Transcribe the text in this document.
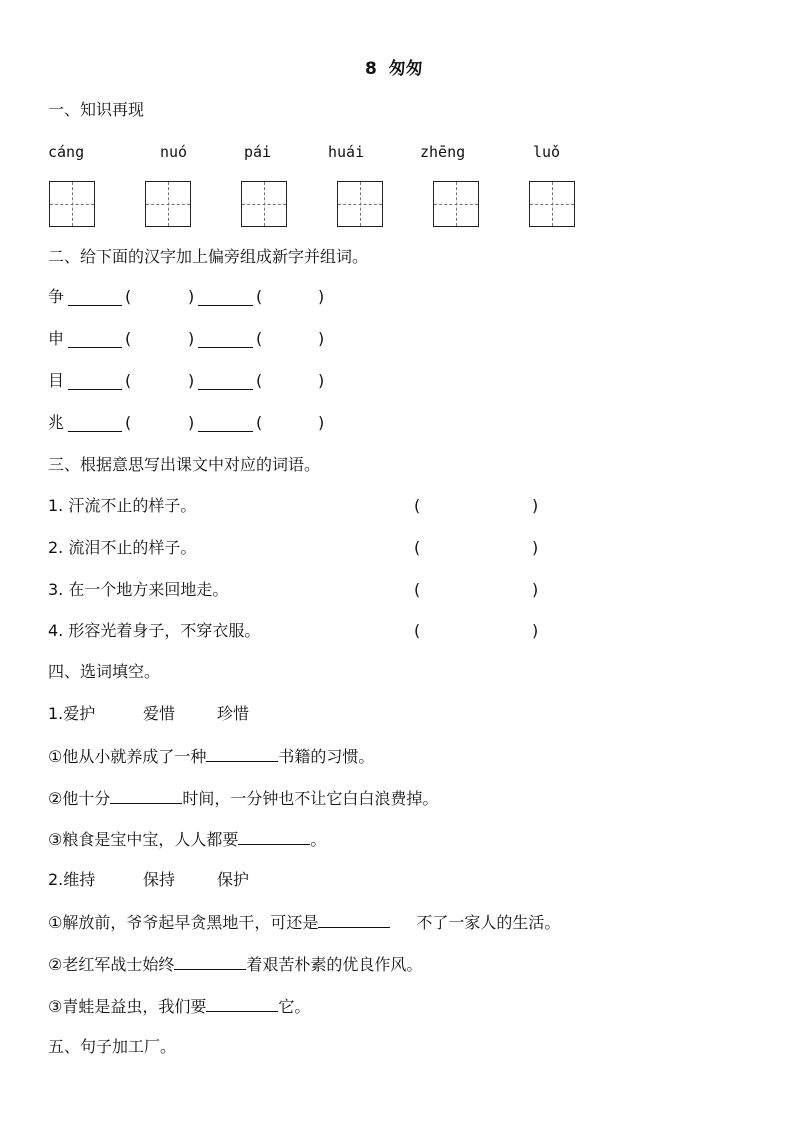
8  匆匆
一、知识再现
cáng	nuó	pái	huái	zhēng	luǒ
二、给下面的汉字加上偏旁组成新字并组词。
争	(	)	(	)
申	(	)	(	)
目	(	)	(	)
兆	(	)	(	)
三、根据意思写出课文中对应的词语。
1. 汗流不止的样子。	(	)
2. 流泪不止的样子。	(	)
3. 在一个地方来回地走。	(	)
4. 形容光着身子，不穿衣服。	(	)
四、选词填空。
1.爱护	爱惜	珍惜
①他从小就养成了一种	书籍的习惯。
②他十分	时间，一分钟也不让它白白浪费掉。
③粮食是宝中宝，人人都要	。
2.维持	保持	保护
①解放前，爷爷起早贪黑地干，可还是	不了一家人的生活。
②老红军战士始终	着艰苦朴素的优良作风。
③青蛙是益虫，我们要	它。
五、句子加工厂。
